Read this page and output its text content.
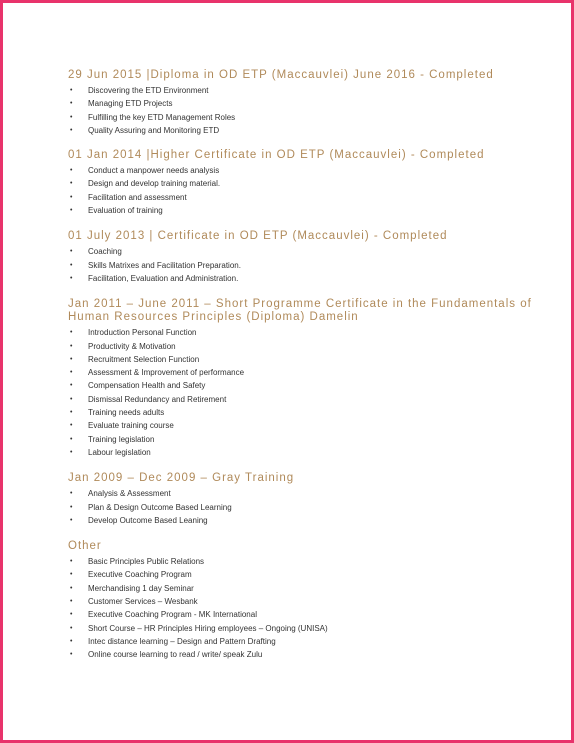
29 Jun 2015 |Diploma in OD ETP (Maccauvlei) June 2016 - Completed
• Discovering the ETD Environment
• Managing ETD Projects
• Fulfilling the key ETD Management Roles
• Quality Assuring and Monitoring ETD
01 Jan 2014 |Higher Certificate in OD ETP (Maccauvlei) - Completed
• Conduct a manpower needs analysis
• Design and develop training material.
• Facilitation and assessment
• Evaluation of training
01 July 2013 | Certificate in OD ETP (Maccauvlei) - Completed
• Coaching
• Skills Matrixes and Facilitation Preparation.
• Facilitation, Evaluation and Administration.
Jan 2011 – June 2011 – Short Programme Certificate in the Fundamentals of Human Resources Principles (Diploma) Damelin
• Introduction Personal Function
• Productivity & Motivation
• Recruitment Selection Function
• Assessment & Improvement of performance
• Compensation Health and Safety
• Dismissal Redundancy and Retirement
• Training needs adults
• Evaluate training course
• Training legislation
• Labour legislation
Jan 2009 – Dec 2009 – Gray Training
• Analysis & Assessment
• Plan & Design Outcome Based Learning
• Develop Outcome Based Leaning
Other
• Basic Principles Public Relations
• Executive Coaching Program
• Merchandising 1 day Seminar
• Customer Services – Wesbank
• Executive Coaching Program - MK International
• Short Course – HR Principles Hiring employees – Ongoing (UNISA)
• Intec distance learning – Design and Pattern Drafting
• Online course learning to read / write/ speak Zulu
